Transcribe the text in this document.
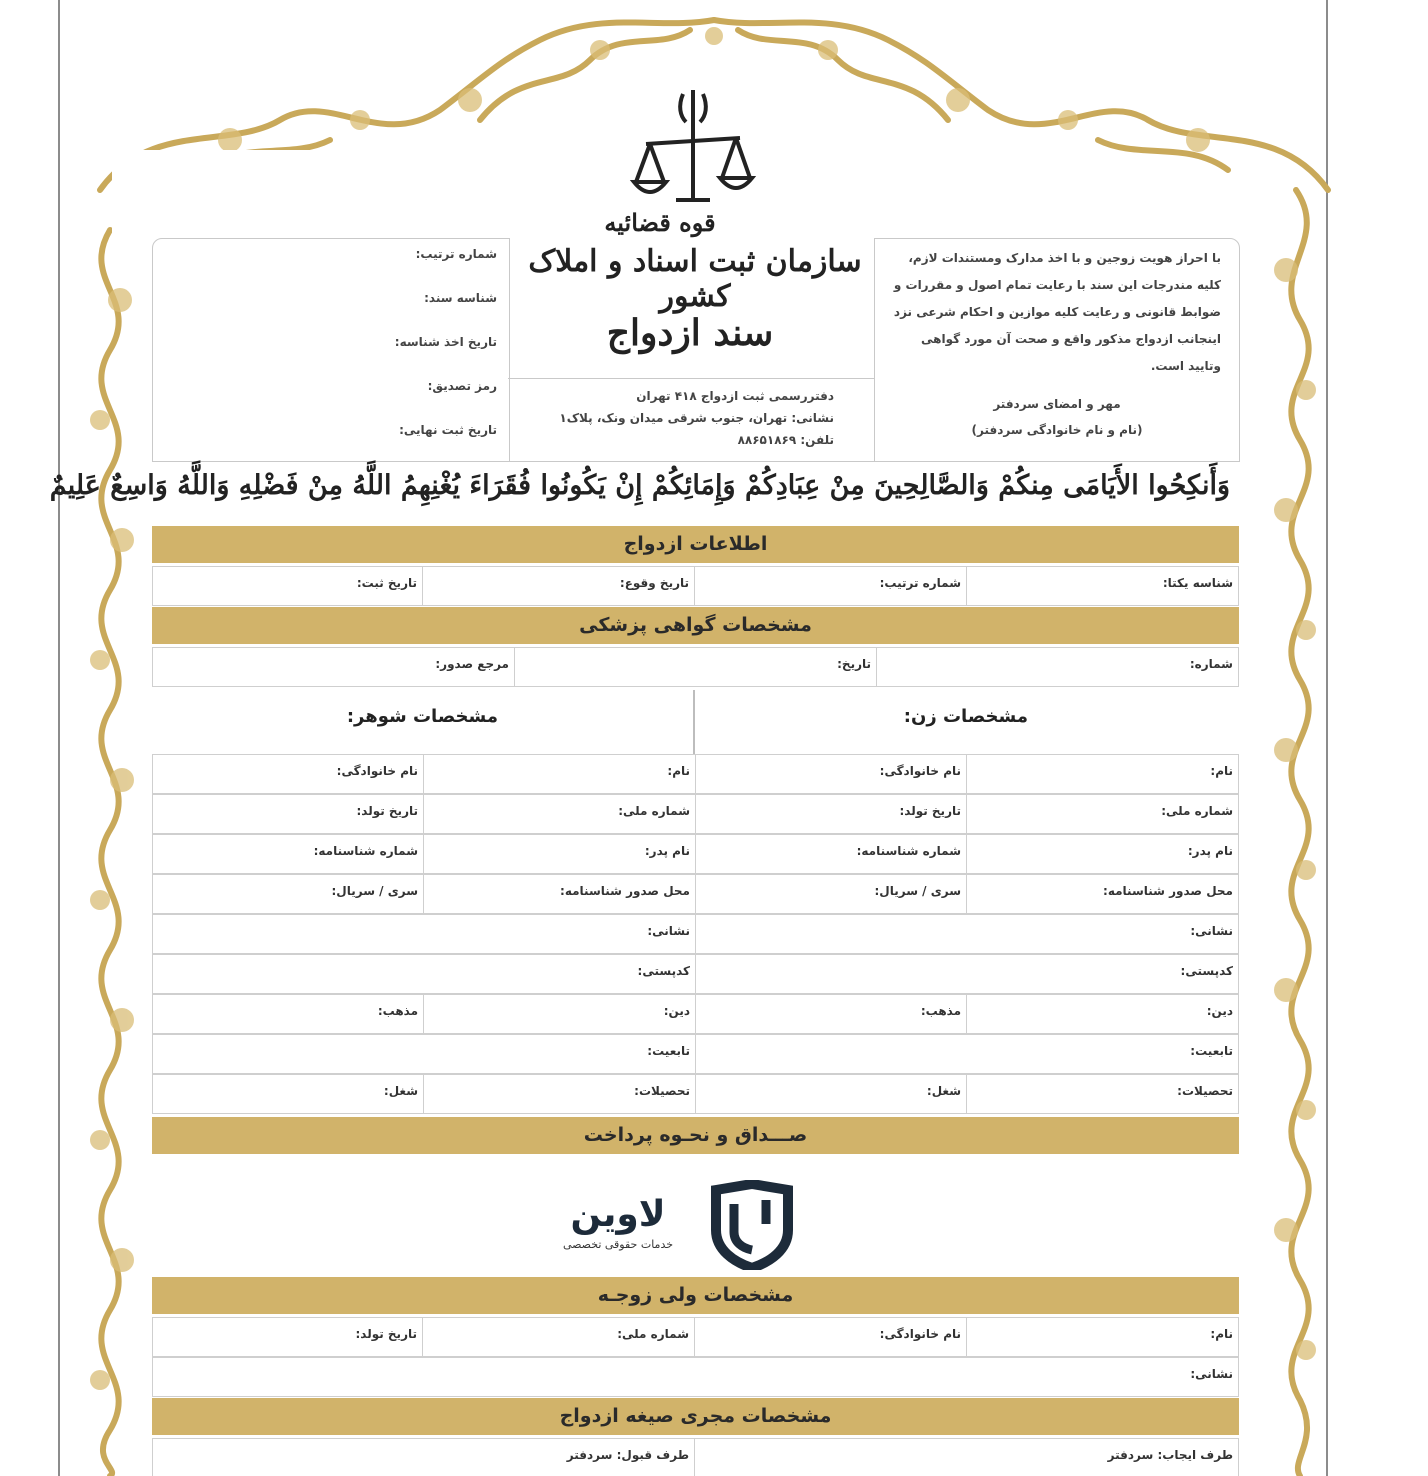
قوه قضائیه
سازمان ثبت اسناد و املاک کشور
سند ازدواج
شماره ترتیب:
شناسه سند:
تاریخ اخذ شناسه:
رمز تصدیق:
تاریخ ثبت نهایی:
با احراز هویت زوجین و با اخذ مدارک ومستندات لازم، کلیه مندرجات این سند با رعایت تمام اصول و مقررات و ضوابط قانونی و رعایت کلیه موازین و احکام شرعی نزد اینجانب ازدواج مذکور واقع و صحت آن مورد گواهی وتایید است.
مهر و امضای سردفتر
(نام و نام خانوادگی سردفتر)
دفتررسمی ثبت ازدواج ۴۱۸ تهران
نشانی: تهران، جنوب شرقی میدان ونک، پلاک۱
تلفن: ۸۸۶۵۱۸۶۹
وَأَنكِحُوا الأَيَامَى مِنكُمْ وَالصَّالِحِينَ مِنْ عِبَادِكُمْ وَإِمَائِكُمْ إِنْ يَكُونُوا فُقَرَاءَ يُغْنِهِمُ اللَّهُ مِنْ فَضْلِهِ وَاللَّهُ وَاسِعٌ عَلِيمٌ
اطلاعات ازدواج
شناسه یکتا:
شماره ترتیب:
تاریخ وقوع:
تاریخ ثبت:
مشخصات گواهی پزشکی
شماره:
تاریخ:
مرجع صدور:
مشخصات زن:
مشخصات شوهر:
نام:
نام خانوادگی:
نام:
نام خانوادگی:
شماره ملی:
تاریخ تولد:
شماره ملی:
تاریخ تولد:
نام پدر:
شماره شناسنامه:
نام پدر:
شماره شناسنامه:
محل صدور شناسنامه:
سری / سریال:
محل صدور شناسنامه:
سری / سریال:
نشانی:
نشانی:
کدپستی:
کدپستی:
دین:
مذهب:
دین:
مذهب:
تابعیت:
تابعیت:
تحصیلات:
شغل:
تحصیلات:
شغل:
صـــداق و نحـوه پرداخت
لاوین
خدمات حقوقی تخصصی
مشخصات ولی زوجـه
نام:
نام خانوادگی:
شماره ملی:
تاریخ تولد:
نشانی:
مشخصات مجری صیغه ازدواج
طرف ایجاب: سردفتر
طرف قبول: سردفتر
